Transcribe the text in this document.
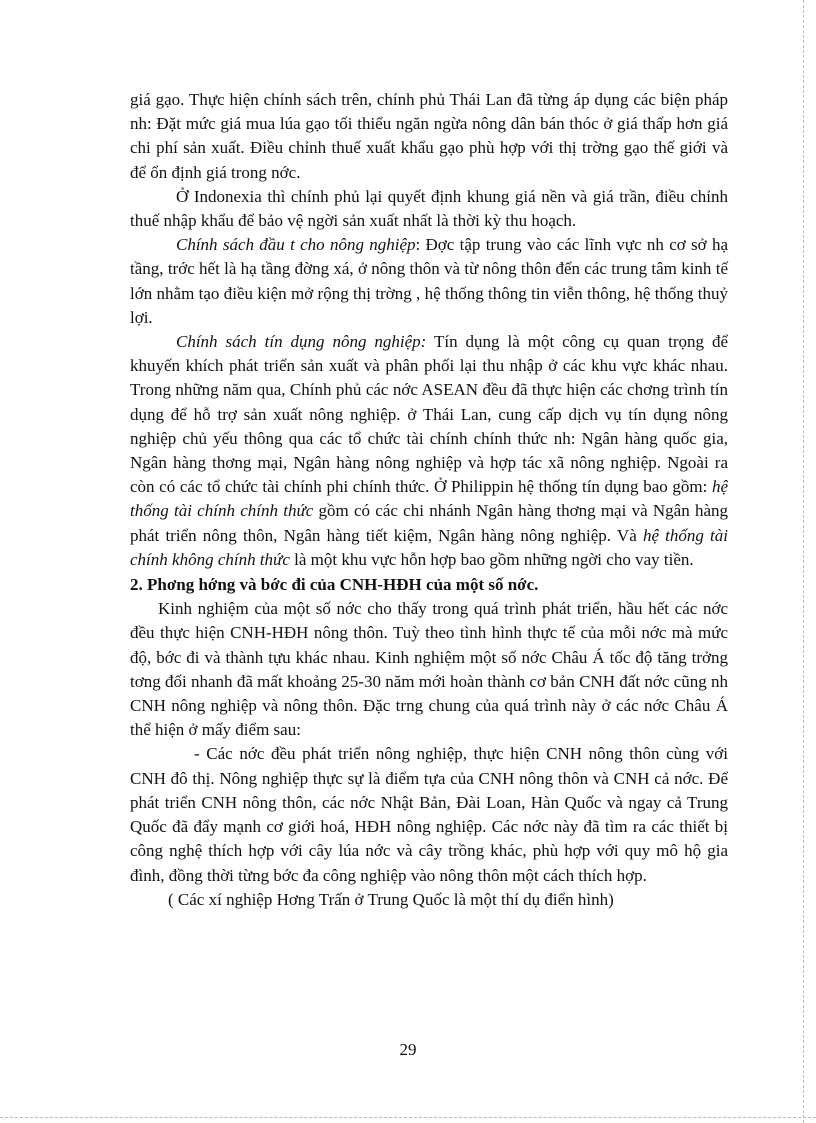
giá gạo. Thực hiện chính sách trên, chính phủ Thái Lan đã từng áp dụng các biện pháp nh: Đặt mức giá mua lúa gạo tối thiểu ngăn ngừa nông dân bán thóc ở giá thấp hơn giá chi phí sản xuất. Điều chỉnh thuế xuất khẩu gạo phù hợp với thị trờng gạo thế giới và để ổn định giá trong nớc.

Ở Indonexia thì chính phủ lại quyết định khung giá nền và giá trần, điều chỉnh thuế nhập khẩu để bảo vệ ngời sản xuất nhất là thời kỳ thu hoạch.

Chính sách đầu t cho nông nghiệp: Đợc tập trung vào các lĩnh vực nh cơ sở hạ tầng, trớc hết là hạ tầng đờng xá, ở nông thôn và từ nông thôn đến các trung tâm kinh tế lớn nhằm tạo điều kiện mở rộng thị trờng , hệ thống thông tin viễn thông, hệ thống thuỷ lợi.

Chính sách tín dụng nông nghiệp: Tín dụng là một công cụ quan trọng để khuyến khích phát triển sản xuất và phân phối lại thu nhập ở các khu vực khác nhau. Trong những năm qua, Chính phủ các nớc ASEAN đều đã thực hiện các chơng trình tín dụng để hỗ trợ sản xuất nông nghiệp. ở Thái Lan, cung cấp dịch vụ tín dụng nông nghiệp chủ yếu thông qua các tổ chức tài chính chính thức nh: Ngân hàng quốc gia, Ngân hàng thơng mại, Ngân hàng nông nghiệp và hợp tác xã nông nghiệp. Ngoài ra còn có các tổ chức tài chính phi chính thức. Ở Philippin hệ thống tín dụng bao gồm: hệ thống tài chính chính thức gồm có các chi nhánh Ngân hàng thơng mại và Ngân hàng phát triển nông thôn, Ngân hàng tiết kiệm, Ngân hàng nông nghiệp. Và hệ thống tài chính không chính thức là một khu vực hỗn hợp bao gồm những ngời cho vay tiền.

2. Phơng hớng và bớc đi của CNH-HĐH của một số nớc.

Kinh nghiệm của một số nớc cho thấy trong quá trình phát triển, hầu hết các nớc đều thực hiện CNH-HĐH nông thôn. Tuỳ theo tình hình thực tế của mỗi nớc mà mức độ, bớc đi và thành tựu khác nhau. Kinh nghiệm một số nớc Châu Á tốc độ tăng trởng tơng đối nhanh đã mất khoảng 25-30 năm mới hoàn thành cơ bản CNH đất nớc cũng nh CNH nông nghiệp và nông thôn. Đặc trng chung của quá trình này ở các nớc Châu Á thể hiện ở mấy điểm sau:

- Các nớc đều phát triển nông nghiệp, thực hiện CNH nông thôn cùng với CNH đô thị. Nông nghiệp thực sự là điểm tựa của CNH nông thôn và CNH cả nớc. Để phát triển CNH nông thôn, các nớc Nhật Bản, Đài Loan, Hàn Quốc và ngay cả Trung Quốc đã đẩy mạnh cơ giới hoá, HĐH nông nghiệp. Các nớc này đã tìm ra các thiết bị công nghệ thích hợp với cây lúa nớc và cây trồng khác, phù hợp với quy mô hộ gia đình, đồng thời từng bớc đa công nghiệp vào nông thôn một cách thích hợp.

( Các xí nghiệp Hơng Trấn ở Trung Quốc là một thí dụ điển hình)

29
